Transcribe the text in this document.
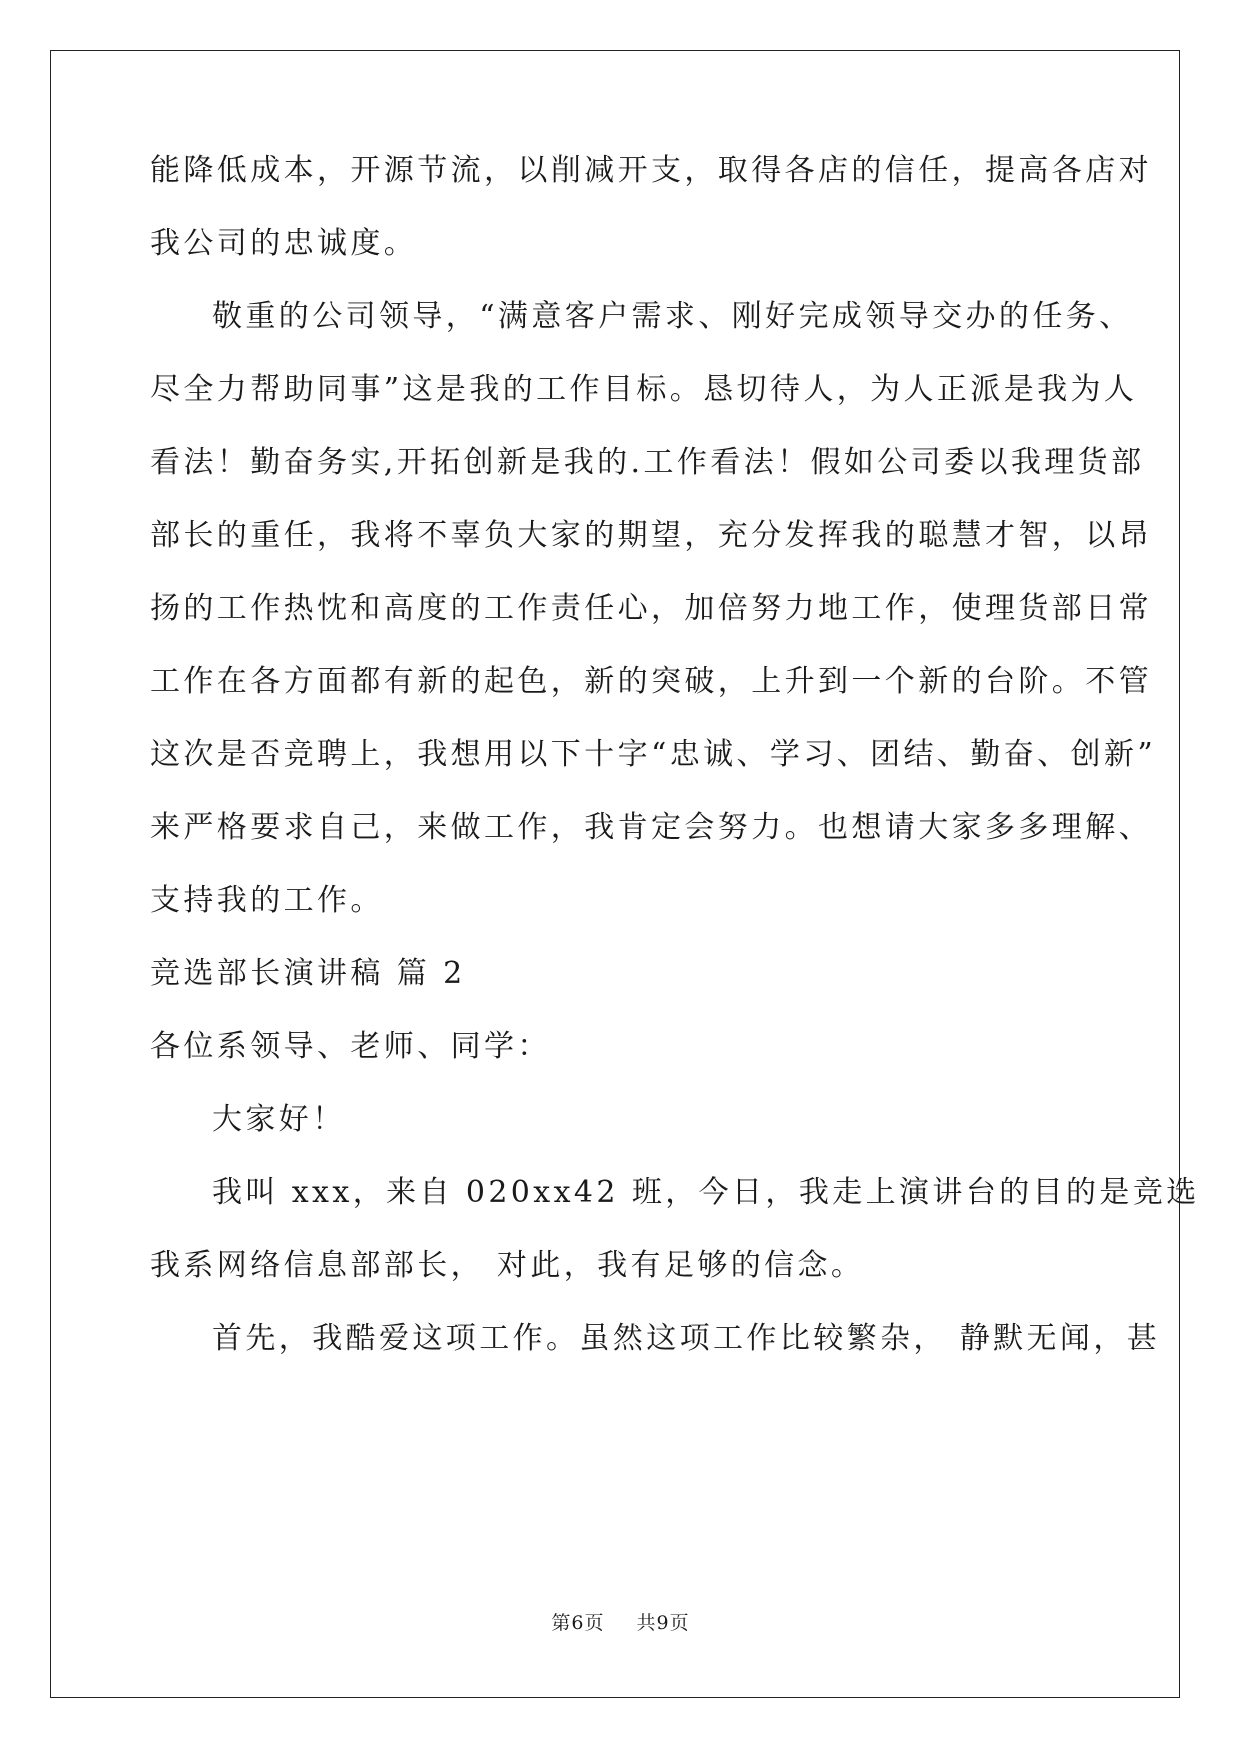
能降低成本，开源节流，以削减开支，取得各店的信任，提高各店对
我公司的忠诚度。
敬重的公司领导，“满意客户需求、刚好完成领导交办的任务、
尽全力帮助同事”这是我的工作目标。恳切待人，为人正派是我为人
看法！勤奋务实,开拓创新是我的.工作看法！假如公司委以我理货部
部长的重任，我将不辜负大家的期望，充分发挥我的聪慧才智，以昂
扬的工作热忱和高度的工作责任心，加倍努力地工作，使理货部日常
工作在各方面都有新的起色，新的突破，上升到一个新的台阶。不管
这次是否竞聘上，我想用以下十字“忠诚、学习、团结、勤奋、创新”
来严格要求自己，来做工作，我肯定会努力。也想请大家多多理解、
支持我的工作。
竞选部长演讲稿 篇 2
各位系领导、老师、同学：
大家好！
我叫 xxx，来自 020xx42 班，今日，我走上演讲台的目的是竞选
我系网络信息部部长， 对此，我有足够的信念。
首先，我酷爱这项工作。虽然这项工作比较繁杂， 静默无闻，甚
第6页 共9页
